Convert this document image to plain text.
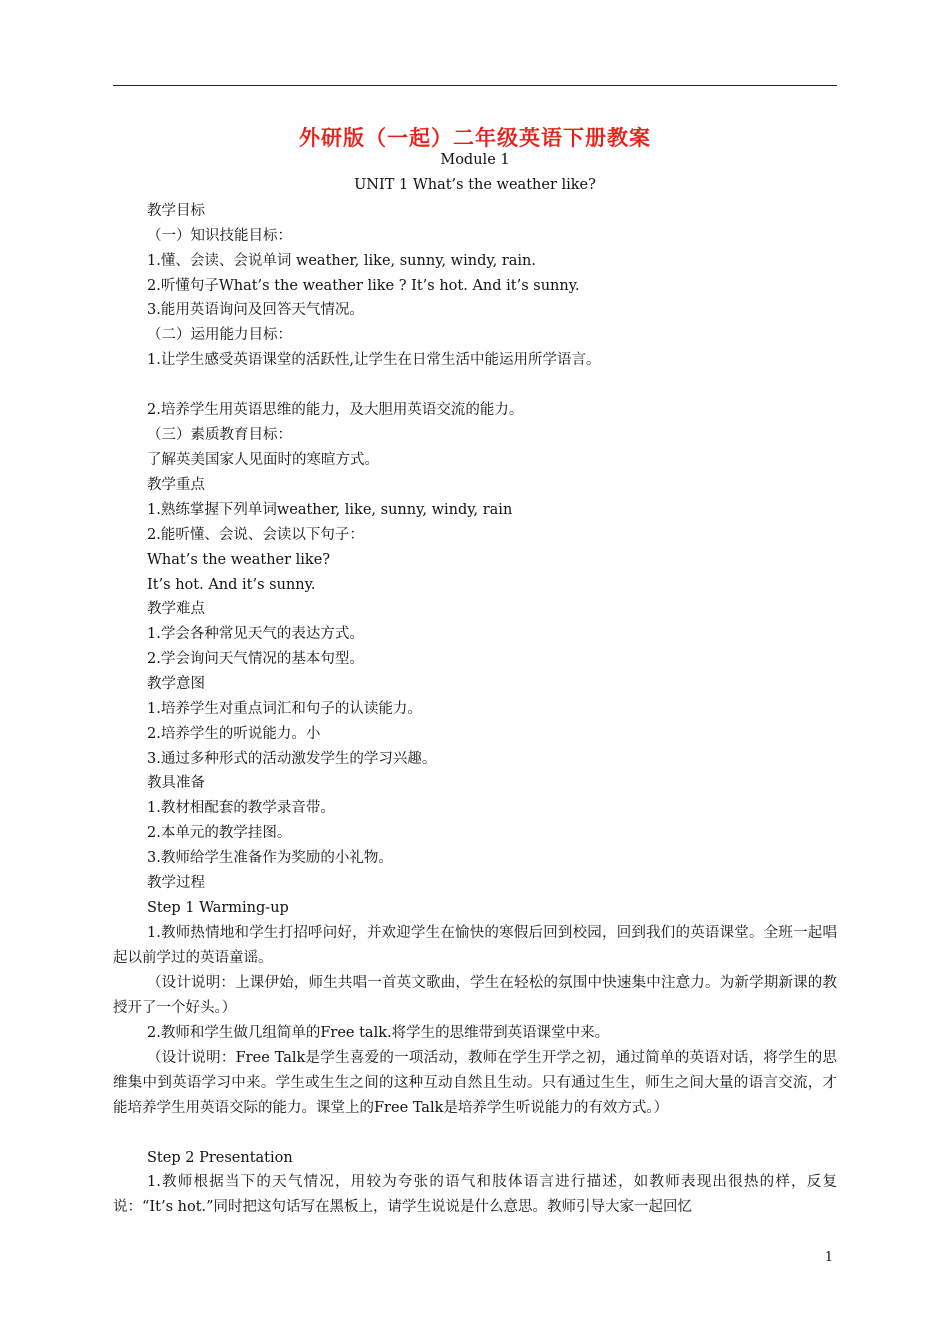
外研版（一起）二年级英语下册教案
Module 1
UNIT 1 What’s the weather like?
教学目标
（一）知识技能目标：
1.懂、会读、会说单词 weather, like, sunny, windy, rain.
2.听懂句子What’s the weather like ? It’s hot. And it’s sunny.
3.能用英语询问及回答天气情况。
（二）运用能力目标：
1.让学生感受英语课堂的活跃性,让学生在日常生活中能运用所学语言。
2.培养学生用英语思维的能力，及大胆用英语交流的能力。
（三）素质教育目标：
了解英美国家人见面时的寒暄方式。
教学重点
1.熟练掌握下列单词weather, like, sunny, windy, rain
2.能听懂、会说、会读以下句子：
What’s the weather like?
It’s hot. And it’s sunny.
教学难点
1.学会各种常见天气的表达方式。
2.学会询问天气情况的基本句型。
教学意图
1.培养学生对重点词汇和句子的认读能力。
2.培养学生的听说能力。小
3.通过多种形式的活动激发学生的学习兴趣。
教具准备
1.教材相配套的教学录音带。
2.本单元的教学挂图。
3.教师给学生准备作为奖励的小礼物。
教学过程
Step 1 Warming-up
1.教师热情地和学生打招呼问好，并欢迎学生在愉快的寒假后回到校园，回到我们的英语课堂。全班一起唱起以前学过的英语童谣。
（设计说明：上课伊始，师生共唱一首英文歌曲，学生在轻松的氛围中快速集中注意力。为新学期新课的教授开了一个好头。）
2.教师和学生做几组简单的Free talk.将学生的思维带到英语课堂中来。
（设计说明：Free Talk是学生喜爱的一项活动，教师在学生开学之初，通过简单的英语对话，将学生的思维集中到英语学习中来。学生或生生之间的这种互动自然且生动。只有通过生生，师生之间大量的语言交流，才能培养学生用英语交际的能力。课堂上的Free Talk是培养学生听说能力的有效方式。）
Step 2 Presentation
1.教师根据当下的天气情况，用较为夸张的语气和肢体语言进行描述，如教师表现出很热的样，反复说：“It’s hot.”同时把这句话写在黑板上，请学生说说是什么意思。教师引导大家一起回忆
1
